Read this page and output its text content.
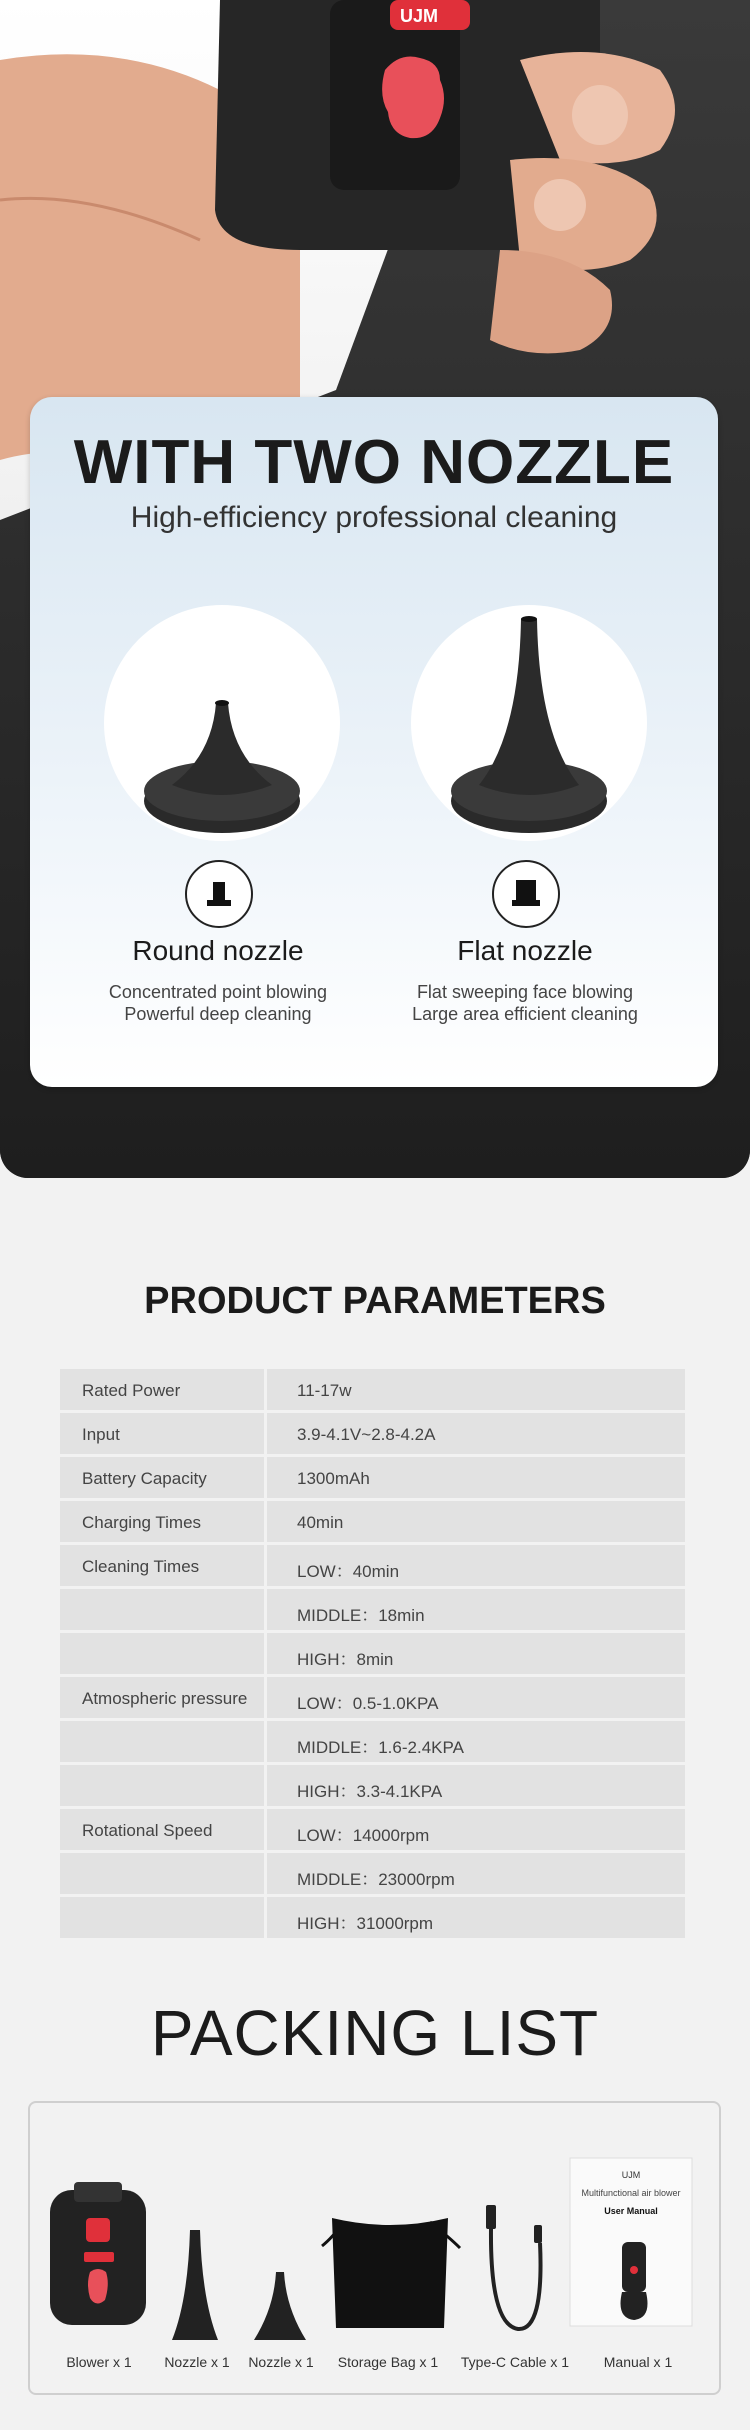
UJM
WITH TWO NOZZLE
High-efficiency professional cleaning
Round nozzle
Concentrated point blowing
Powerful deep cleaning
Flat nozzle
Flat sweeping face blowing
Large area efficient cleaning
PRODUCT PARAMETERS
Rated Power	11-17w
Input	3.9-4.1V~2.8-4.2A
Battery Capacity	1300mAh
Charging Times	40min
Cleaning Times	LOW：40min
MIDDLE：18min
HIGH：8min
Atmospheric pressure	LOW：0.5-1.0KPA
MIDDLE：1.6-2.4KPA
HIGH：3.3-4.1KPA
Rotational Speed	LOW：14000rpm
MIDDLE：23000rpm
HIGH：31000rpm
PACKING LIST
UJM
Multifunctional air blower
User Manual
Blower x 1	Nozzle x 1	Nozzle x 1	Storage Bag x 1	Type-C Cable x 1	Manual x 1
